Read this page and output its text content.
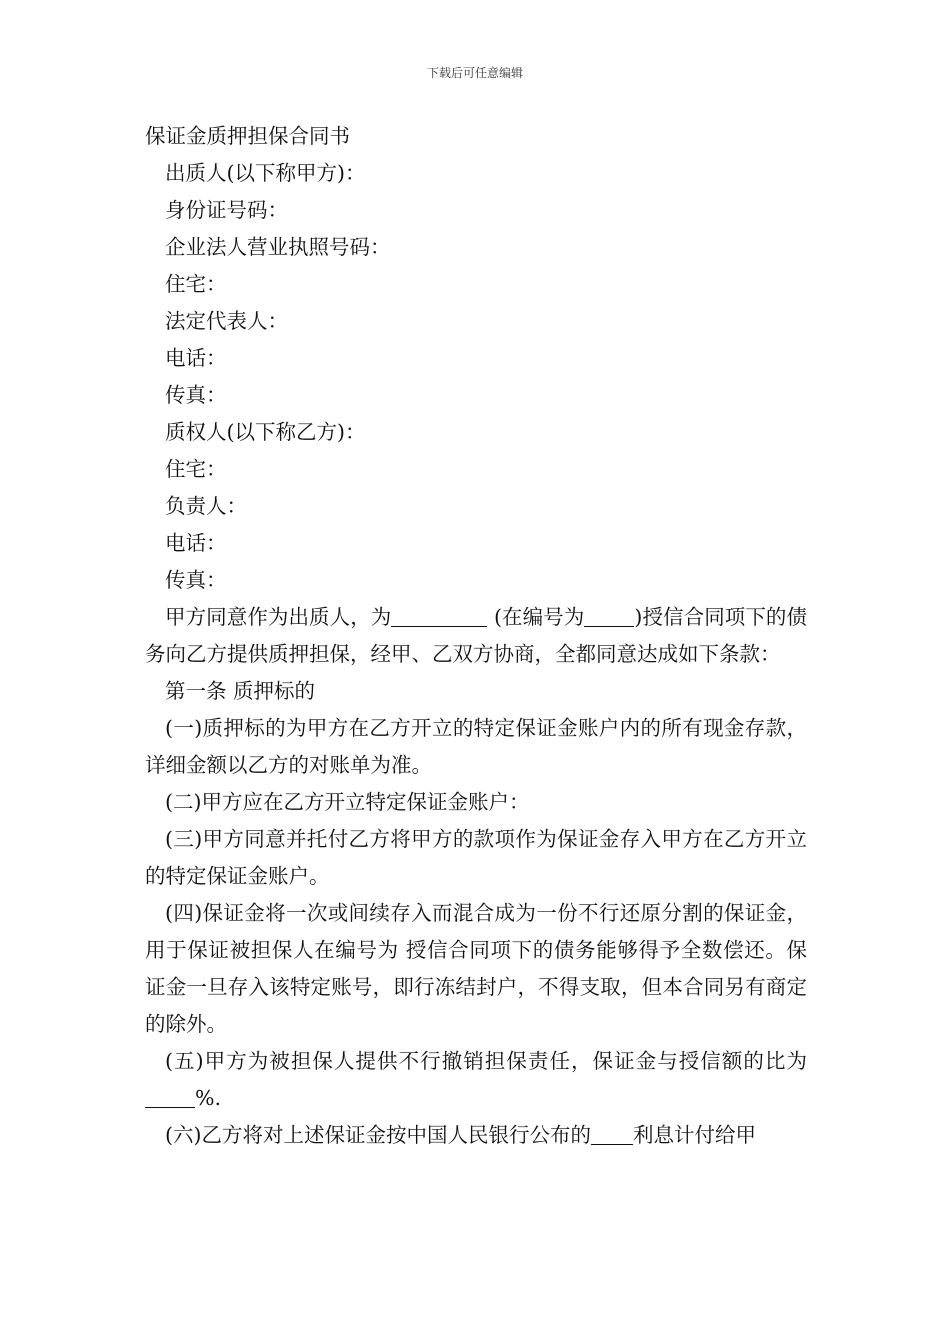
下载后可任意编辑
保证金质押担保合同书

出质人(以下称甲方)：

身份证号码：

企业法人营业执照号码：

住宅：

法定代表人：

电话：

传真：

质权人(以下称乙方)：

住宅：

负责人：

电话：

传真：

甲方同意作为出质人，为	(在编号为 )授信合同项下的债务向乙方提供质押担保，经甲、乙双方协商，全都同意达成如下条款：

第一条 质押标的

(一)质押标的为甲方在乙方开立的特定保证金账户内的所有现金存款，详细金额以乙方的对账单为准。

(二)甲方应在乙方开立特定保证金账户：

(三)甲方同意并托付乙方将甲方的款项作为保证金存入甲方在乙方开立的特定保证金账户。

(四)保证金将一次或间续存入而混合成为一份不行还原分割的保证金，用于保证被担保人在编号为 授信合同项下的债务能够得予全数偿还。保证金一旦存入该特定账号，即行冻结封户，不得支取，但本合同另有商定的除外。

(五)甲方为被担保人提供不行撤销担保责任，保证金与授信额的比为%.

(六)乙方将对上述保证金按中国人民银行公布的 利息计付给甲
